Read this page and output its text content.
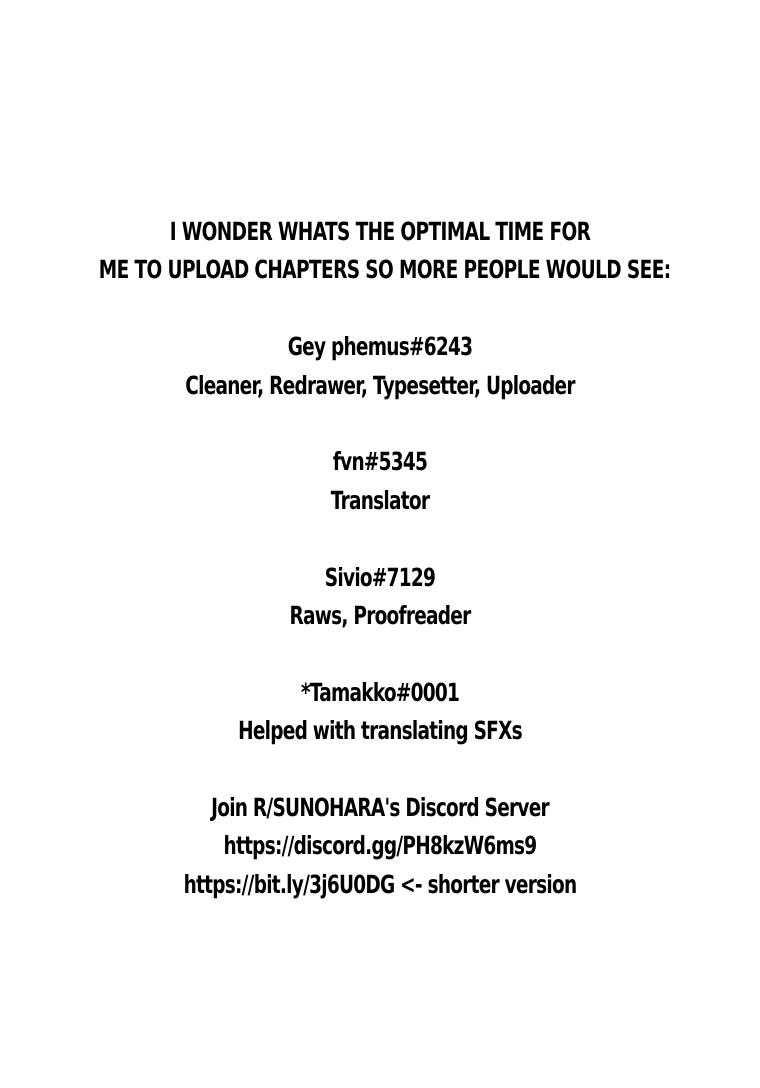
I WONDER WHATS THE OPTIMAL TIME FOR
ME TO UPLOAD CHAPTERS SO MORE PEOPLE WOULD SEE:
Gey phemus#6243
Cleaner, Redrawer, Typesetter, Uploader
fvn#5345
Translator
Sivio#7129
Raws, Proofreader
*Tamakko#0001
Helped with translating SFXs
Join R/SUNOHARA's Discord Server
https://discord.gg/PH8kzW6ms9
https://bit.ly/3j6U0DG <- shorter version
